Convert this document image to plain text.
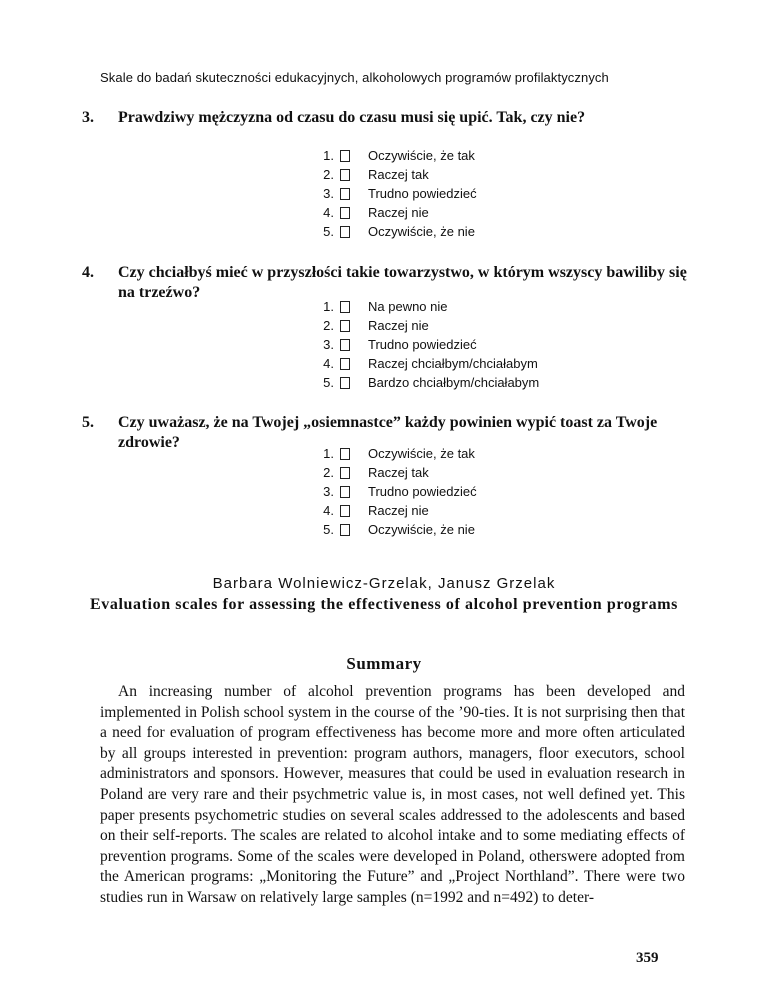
Skale do badań skuteczności edukacyjnych, alkoholowych programów profilaktycznych
3. Prawdziwy mężczyzna od czasu do czasu musi się upić. Tak, czy nie?
1.	Oczywiście, że tak
2.	Raczej tak
3.	Trudno powiedzieć
4.	Raczej nie
5.	Oczywiście, że nie
4. Czy chciałbyś mieć w przyszłości takie towarzystwo, w którym wszyscy bawiliby się na trzeźwo?
1.	Na pewno nie
2.	Raczej nie
3.	Trudno powiedzieć
4.	Raczej chciałbym/chciałabym
5.	Bardzo chciałbym/chciałabym
5. Czy uważasz, że na Twojej „osiemnastce” każdy powinien wypić toast za Twoje zdrowie?
1.	Oczywiście, że tak
2.	Raczej tak
3.	Trudno powiedzieć
4.	Raczej nie
5.	Oczywiście, że nie
Barbara Wolniewicz-Grzelak, Janusz Grzelak
Evaluation scales for assessing the effectiveness of alcohol prevention programs
Summary
An increasing number of alcohol prevention programs has been developed and implemented in Polish school system in the course of the ’90-ties. It is not surprising then that a need for evaluation of program effectiveness has become more and more often articulated by all groups interested in prevention: program authors, managers, floor executors, school administrators and sponsors. However, measures that could be used in evaluation research in Poland are very rare and their psychmetric value is, in most cases, not well defined yet. This paper presents psychometric studies on several scales addressed to the adolescents and based on their self-reports. The scales are related to alcohol intake and to some mediating effects of prevention programs. Some of the scales were developed in Poland, otherswere adopted from the American programs: „Monitoring the Future” and „Project Northland”. There were two studies run in Warsaw on relatively large samples (n=1992 and n=492) to deter-
359
